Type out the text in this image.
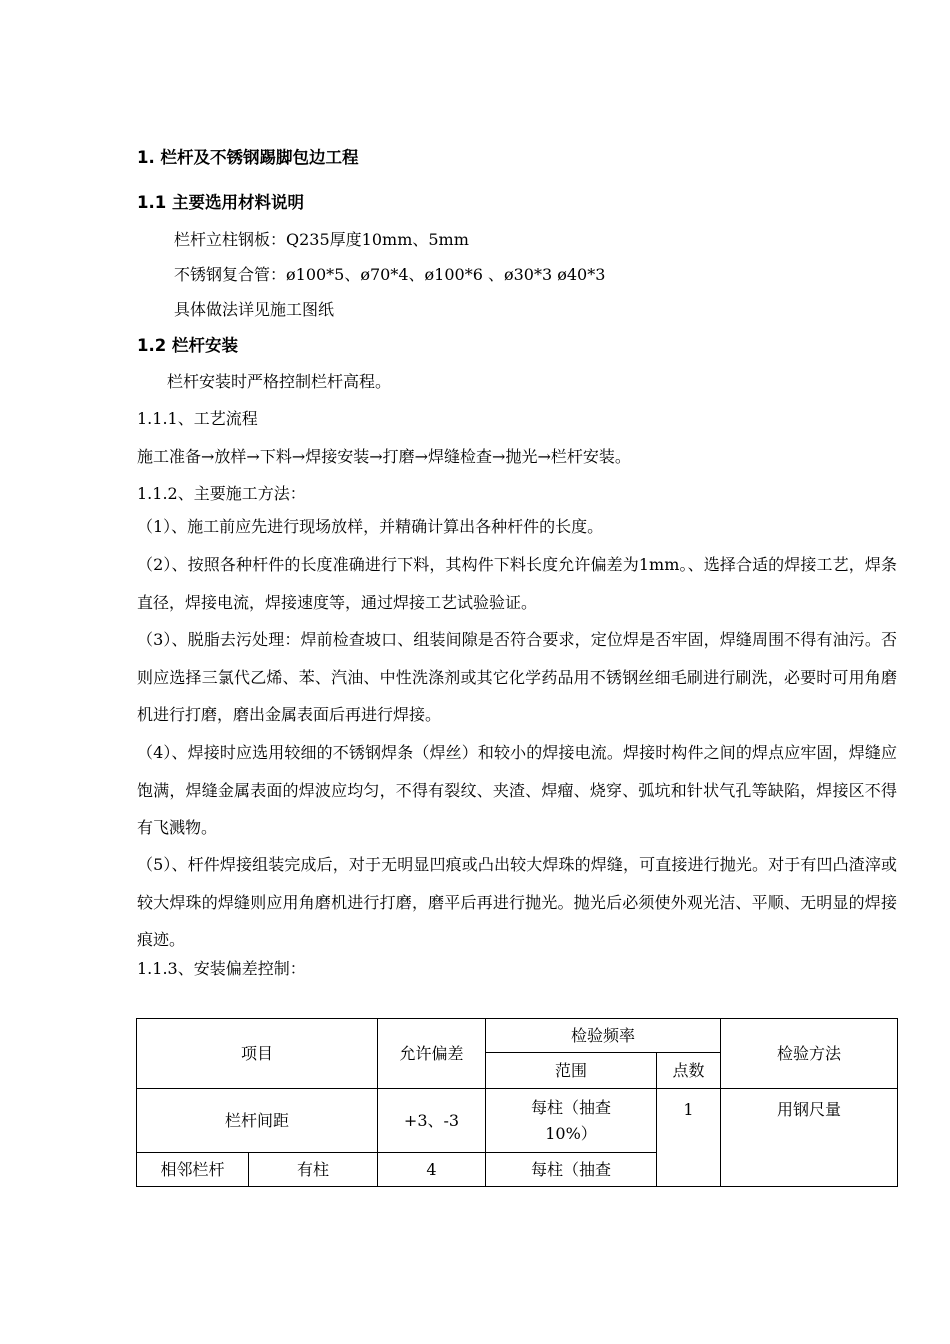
1. 栏杆及不锈钢踢脚包边工程
1.1 主要选用材料说明
栏杆立柱钢板：Q235厚度10mm、5mm
不锈钢复合管：ø100*5、ø70*4、ø100*6 、ø30*3 ø40*3
具体做法详见施工图纸
1.2 栏杆安装
栏杆安装时严格控制栏杆高程。
1.1.1、工艺流程
施工准备→放样→下料→焊接安装→打磨→焊缝检查→抛光→栏杆安装。
1.1.2、主要施工方法：
（1）、施工前应先进行现场放样，并精确计算出各种杆件的长度。
（2）、按照各种杆件的长度准确进行下料，其构件下料长度允许偏差为1mm。、选择合适的焊接工艺，焊条直径，焊接电流，焊接速度等，通过焊接工艺试验验证。
（3）、脱脂去污处理：焊前检查坡口、组装间隙是否符合要求，定位焊是否牢固，焊缝周围不得有油污。否则应选择三氯代乙烯、苯、汽油、中性洗涤剂或其它化学药品用不锈钢丝细毛刷进行刷洗，必要时可用角磨机进行打磨，磨出金属表面后再进行焊接。
（4）、焊接时应选用较细的不锈钢焊条（焊丝）和较小的焊接电流。焊接时构件之间的焊点应牢固，焊缝应饱满，焊缝金属表面的焊波应均匀，不得有裂纹、夹渣、焊瘤、烧穿、弧坑和针状气孔等缺陷，焊接区不得有飞溅物。
（5）、杆件焊接组装完成后，对于无明显凹痕或凸出较大焊珠的焊缝，可直接进行抛光。对于有凹凸渣滓或较大焊珠的焊缝则应用角磨机进行打磨，磨平后再进行抛光。抛光后必须使外观光洁、平顺、无明显的焊接痕迹。
1.1.3、安装偏差控制：
项目		允许偏差	检验频率		检验方法
			范围	点数	
栏杆间距		+3、-3	每柱（抽查10%）	1	用钢尺量
相邻栏杆	有柱	4	每柱（抽查		
